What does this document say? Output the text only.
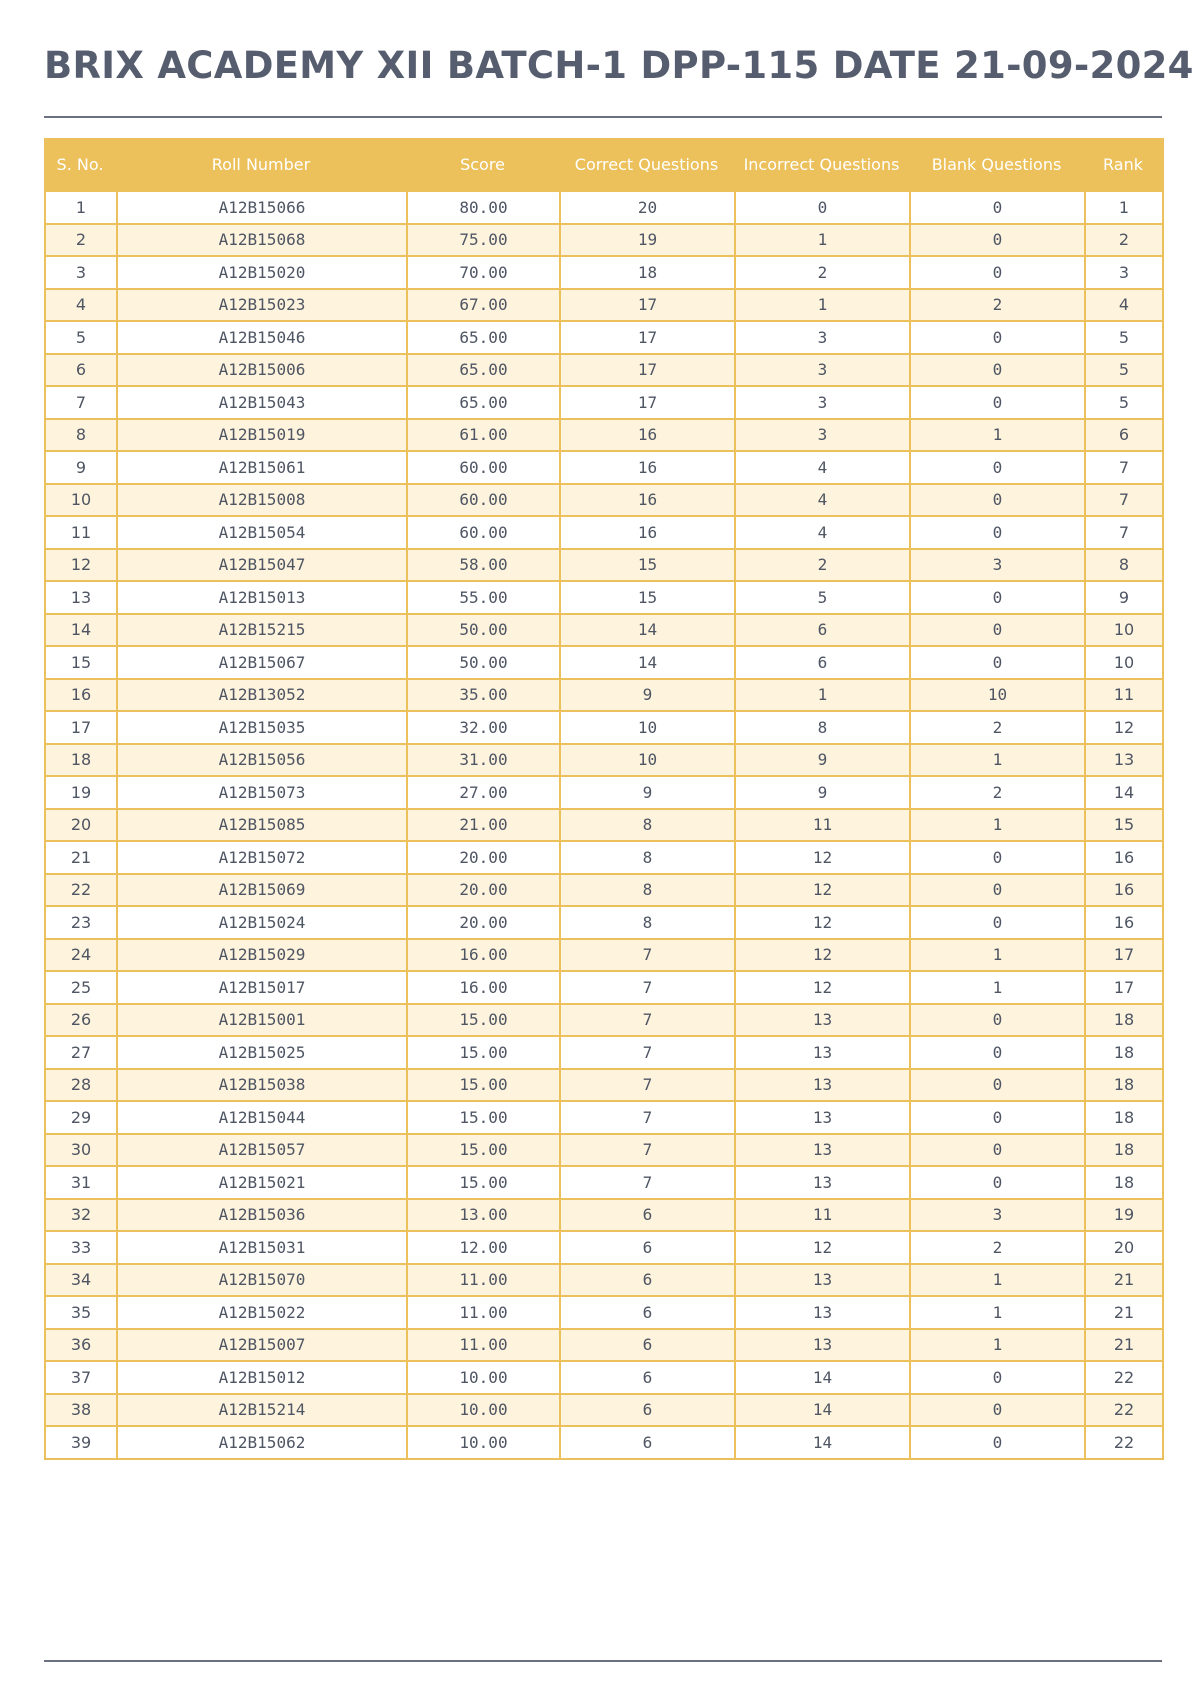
BRIX ACADEMY XII BATCH-1 DPP-115 DATE 21-09-2024
S. No.	Roll Number	Score	Correct Questions	Incorrect Questions	Blank Questions	Rank
1	A12B15066	80.00	20	0	0	1
2	A12B15068	75.00	19	1	0	2
3	A12B15020	70.00	18	2	0	3
4	A12B15023	67.00	17	1	2	4
5	A12B15046	65.00	17	3	0	5
6	A12B15006	65.00	17	3	0	5
7	A12B15043	65.00	17	3	0	5
8	A12B15019	61.00	16	3	1	6
9	A12B15061	60.00	16	4	0	7
10	A12B15008	60.00	16	4	0	7
11	A12B15054	60.00	16	4	0	7
12	A12B15047	58.00	15	2	3	8
13	A12B15013	55.00	15	5	0	9
14	A12B15215	50.00	14	6	0	10
15	A12B15067	50.00	14	6	0	10
16	A12B13052	35.00	9	1	10	11
17	A12B15035	32.00	10	8	2	12
18	A12B15056	31.00	10	9	1	13
19	A12B15073	27.00	9	9	2	14
20	A12B15085	21.00	8	11	1	15
21	A12B15072	20.00	8	12	0	16
22	A12B15069	20.00	8	12	0	16
23	A12B15024	20.00	8	12	0	16
24	A12B15029	16.00	7	12	1	17
25	A12B15017	16.00	7	12	1	17
26	A12B15001	15.00	7	13	0	18
27	A12B15025	15.00	7	13	0	18
28	A12B15038	15.00	7	13	0	18
29	A12B15044	15.00	7	13	0	18
30	A12B15057	15.00	7	13	0	18
31	A12B15021	15.00	7	13	0	18
32	A12B15036	13.00	6	11	3	19
33	A12B15031	12.00	6	12	2	20
34	A12B15070	11.00	6	13	1	21
35	A12B15022	11.00	6	13	1	21
36	A12B15007	11.00	6	13	1	21
37	A12B15012	10.00	6	14	0	22
38	A12B15214	10.00	6	14	0	22
39	A12B15062	10.00	6	14	0	22
